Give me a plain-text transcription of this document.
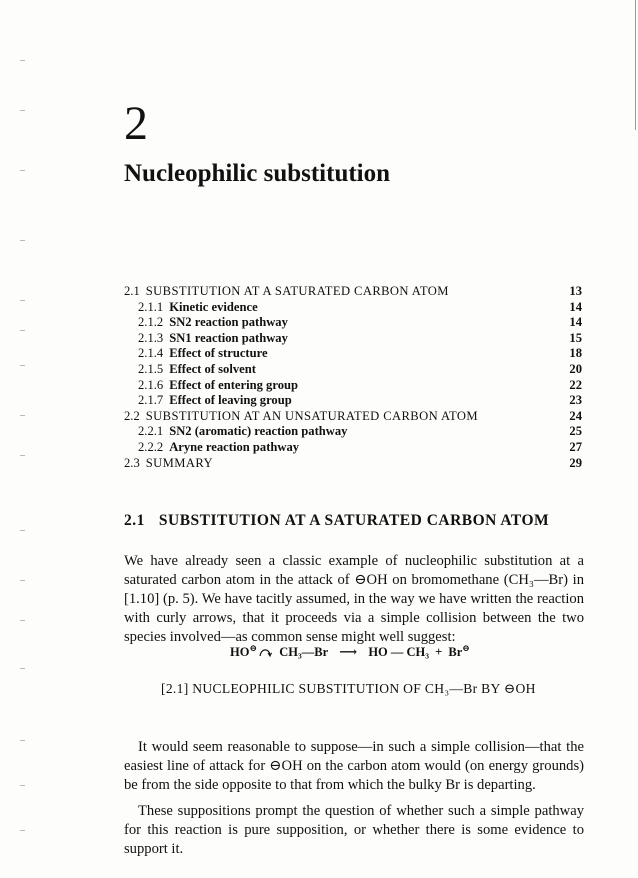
2
Nucleophilic substitution
2.1 SUBSTITUTION AT A SATURATED CARBON ATOM	13
2.1.1 Kinetic evidence	14
2.1.2 SN2 reaction pathway	14
2.1.3 SN1 reaction pathway	15
2.1.4 Effect of structure	18
2.1.5 Effect of solvent	20
2.1.6 Effect of entering group	22
2.1.7 Effect of leaving group	23
2.2 SUBSTITUTION AT AN UNSATURATED CARBON ATOM	24
2.2.1 SN2 (aromatic) reaction pathway	25
2.2.2 Aryne reaction pathway	27
2.3 SUMMARY	29
2.1 SUBSTITUTION AT A SATURATED CARBON ATOM

We have already seen a classic example of nucleophilic substitution at a saturated carbon atom in the attack of ⊖OH on bromomethane (CH₃—Br) in [1.10] (p. 5). We have tacitly assumed, in the way we have written the reaction with curly arrows, that it proceeds via a simple collision between the two species involved—as common sense might well suggest:

HO⊖ CH₃—Br ⟶ HO — CH₃ + Br⊖
[2.1] NUCLEOPHILIC SUBSTITUTION OF CH₃—Br BY ⊖OH

It would seem reasonable to suppose—in such a simple collision—that the easiest line of attack for ⊖OH on the carbon atom would (on energy grounds) be from the side opposite to that from which the bulky Br is departing.

These suppositions prompt the question of whether such a simple pathway for this reaction is pure supposition, or whether there is some evidence to support it.
